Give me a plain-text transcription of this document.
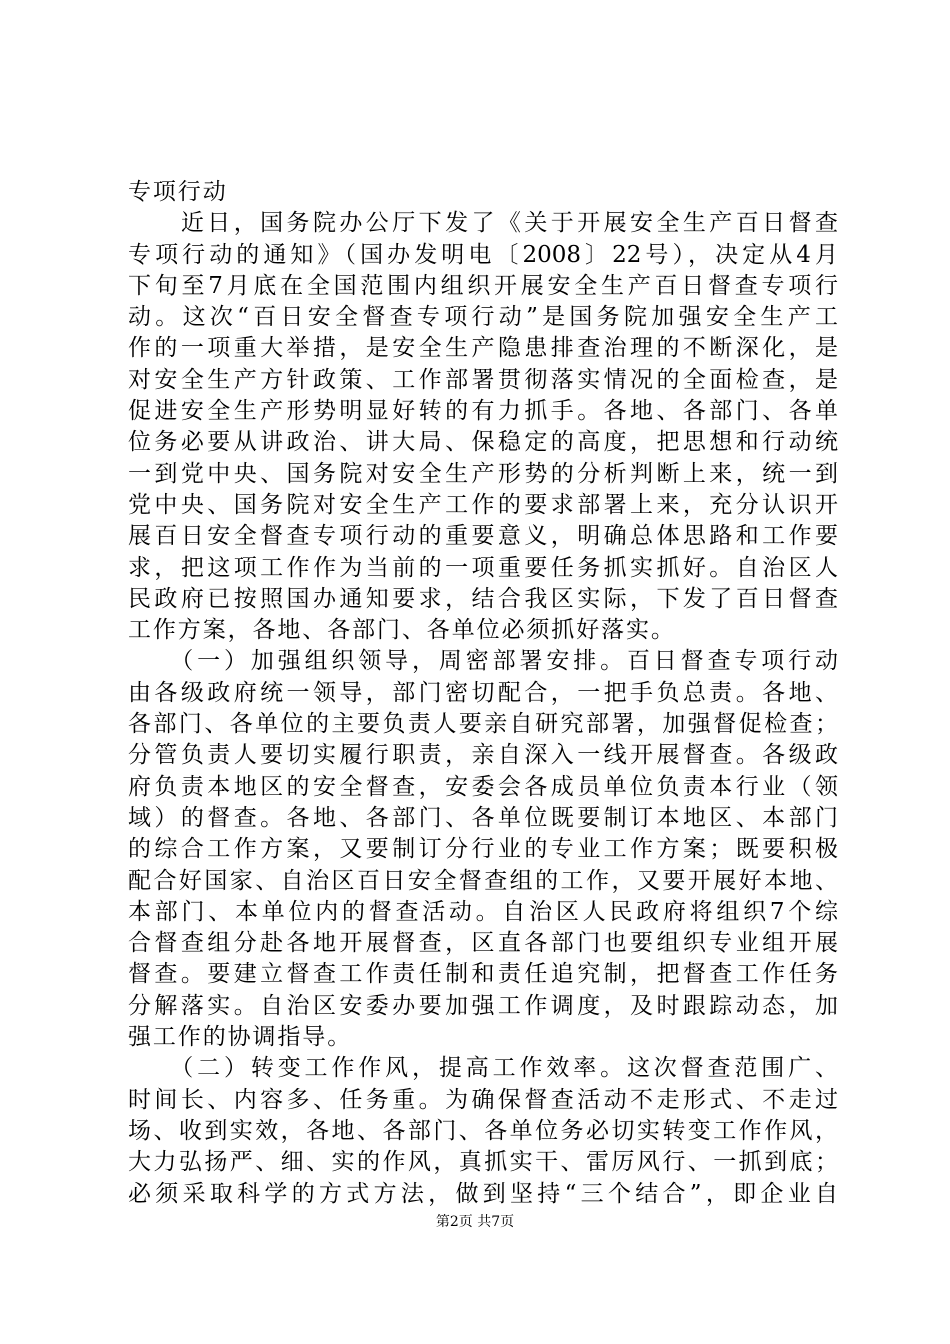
专项行动
　　近日，国务院办公厅下发了《关于开展安全生产百日督查
专项行动的通知》（国办发明电〔2008〕22号），决定从4月
下旬至7月底在全国范围内组织开展安全生产百日督查专项行
动。这次“百日安全督查专项行动”是国务院加强安全生产工
作的一项重大举措，是安全生产隐患排查治理的不断深化，是
对安全生产方针政策、工作部署贯彻落实情况的全面检查，是
促进安全生产形势明显好转的有力抓手。各地、各部门、各单
位务必要从讲政治、讲大局、保稳定的高度，把思想和行动统
一到党中央、国务院对安全生产形势的分析判断上来，统一到
党中央、国务院对安全生产工作的要求部署上来，充分认识开
展百日安全督查专项行动的重要意义，明确总体思路和工作要
求，把这项工作作为当前的一项重要任务抓实抓好。自治区人
民政府已按照国办通知要求，结合我区实际，下发了百日督查
工作方案，各地、各部门、各单位必须抓好落实。
　　（一）加强组织领导，周密部署安排。百日督查专项行动
由各级政府统一领导，部门密切配合，一把手负总责。各地、
各部门、各单位的主要负责人要亲自研究部署，加强督促检查；
分管负责人要切实履行职责，亲自深入一线开展督查。各级政
府负责本地区的安全督查，安委会各成员单位负责本行业（领
域）的督查。各地、各部门、各单位既要制订本地区、本部门
的综合工作方案，又要制订分行业的专业工作方案；既要积极
配合好国家、自治区百日安全督查组的工作，又要开展好本地、
本部门、本单位内的督查活动。自治区人民政府将组织7个综
合督查组分赴各地开展督查，区直各部门也要组织专业组开展
督查。要建立督查工作责任制和责任追究制，把督查工作任务
分解落实。自治区安委办要加强工作调度，及时跟踪动态，加
强工作的协调指导。
　　（二）转变工作作风，提高工作效率。这次督查范围广、
时间长、内容多、任务重。为确保督查活动不走形式、不走过
场、收到实效，各地、各部门、各单位务必切实转变工作作风，
大力弘扬严、细、实的作风，真抓实干、雷厉风行、一抓到底；
必须采取科学的方式方法，做到坚持“三个结合”，即企业自
第2页 共7页
